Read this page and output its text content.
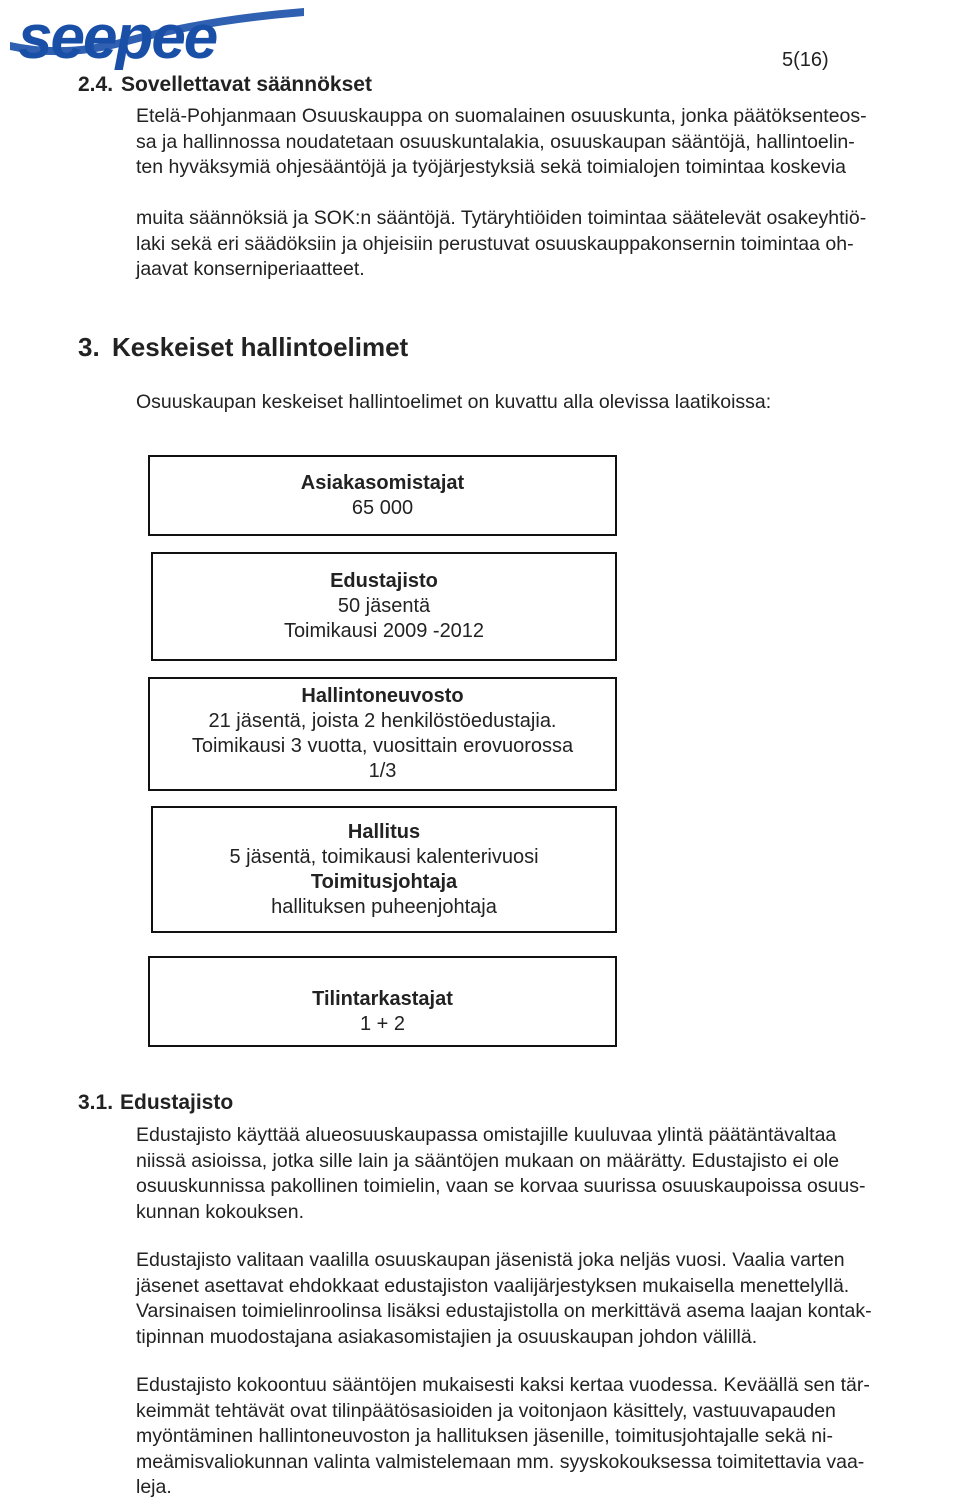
seepee	5(16)
2.4. Sovellettavat säännökset
Etelä-Pohjanmaan Osuuskauppa on suomalainen osuuskunta, jonka päätöksenteos-
sa ja hallinnossa noudatetaan osuuskuntalakia, osuuskaupan sääntöjä, hallintoelin-
ten hyväksymiä ohjesääntöjä ja työjärjestyksiä sekä toimialojen toimintaa koskevia
muita säännöksiä ja SOK:n sääntöjä. Tytäryhtiöiden toimintaa säätelevät osakeyhtiö-
laki sekä eri säädöksiin ja ohjeisiin perustuvat osuuskauppakonsernin toimintaa oh-
jaavat konserniperiaatteet.
3. Keskeiset hallintoelimet
Osuuskaupan keskeiset hallintoelimet on kuvattu alla olevissa laatikoissa:
Asiakasomistajat
65 000
Edustajisto
50 jäsentä
Toimikausi 2009 -2012
Hallintoneuvosto
21 jäsentä, joista 2 henkilöstöedustajia.
Toimikausi 3 vuotta, vuosittain erovuorossa
1/3
Hallitus
5 jäsentä, toimikausi kalenterivuosi
Toimitusjohtaja
hallituksen puheenjohtaja
Tilintarkastajat
1 + 2
3.1. Edustajisto
Edustajisto käyttää alueosuuskaupassa omistajille kuuluvaa ylintä päätäntävaltaa
niissä asioissa, jotka sille lain ja sääntöjen mukaan on määrätty. Edustajisto ei ole
osuuskunnissa pakollinen toimielin, vaan se korvaa suurissa osuuskaupoissa osuus-
kunnan kokouksen.
Edustajisto valitaan vaalilla osuuskaupan jäsenistä joka neljäs vuosi. Vaalia varten
jäsenet asettavat ehdokkaat edustajiston vaalijärjestyksen mukaisella menettelyllä.
Varsinaisen toimielinroolinsa lisäksi edustajistolla on merkittävä asema laajan kontak-
tipinnan muodostajana asiakasomistajien ja osuuskaupan johdon välillä.
Edustajisto kokoontuu sääntöjen mukaisesti kaksi kertaa vuodessa. Keväällä sen tär-
keimmät tehtävät ovat tilinpäätösasioiden ja voitonjaon käsittely, vastuuvapauden
myöntäminen hallintoneuvoston ja hallituksen jäsenille, toimitusjohtajalle sekä ni-
meämisvaliokunnan valinta valmistelemaan mm. syyskokouksessa toimitettavia vaa-
leja.
